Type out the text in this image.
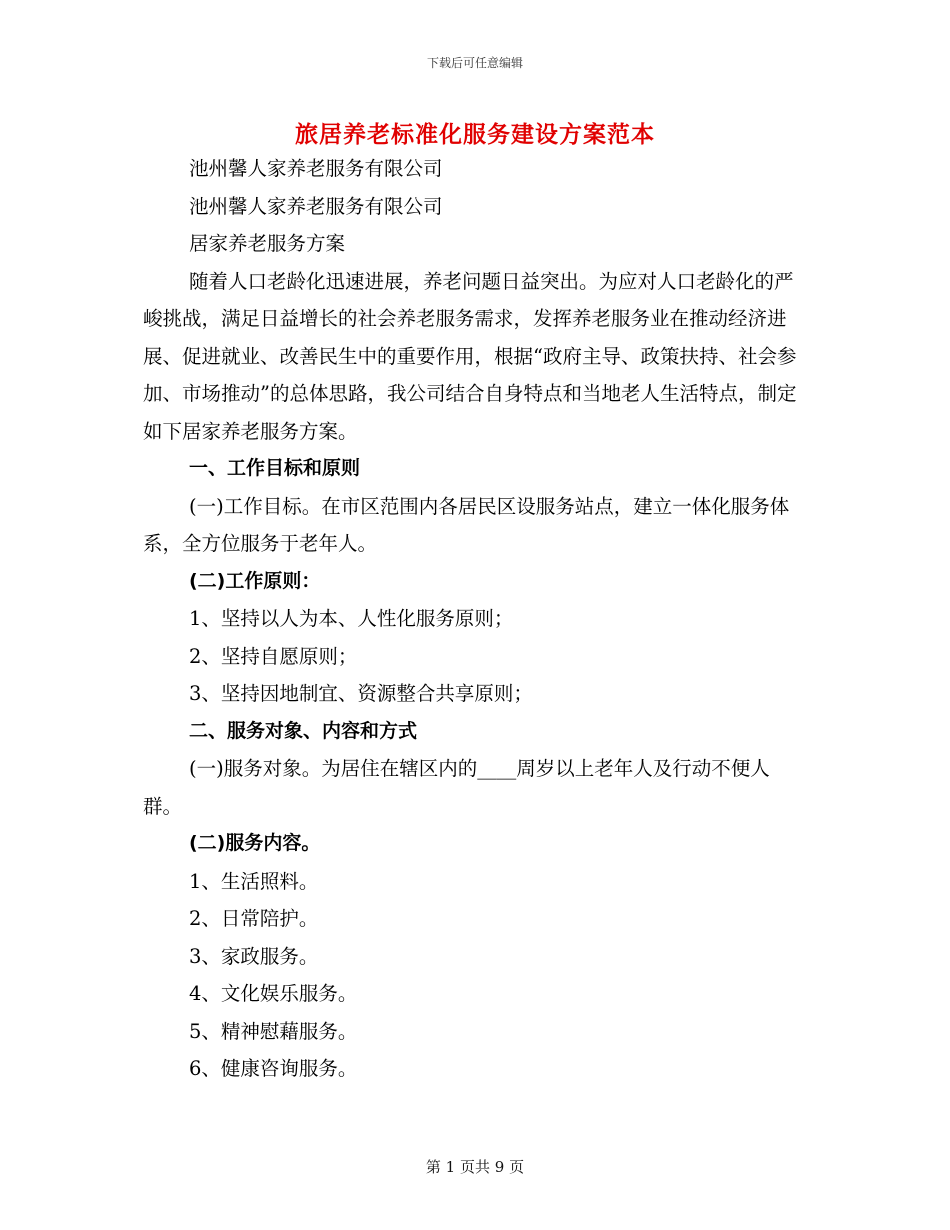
下载后可任意编辑
旅居养老标准化服务建设方案范本

池州馨人家养老服务有限公司

池州馨人家养老服务有限公司

居家养老服务方案

随着人口老龄化迅速进展，养老问题日益突出。为应对人口老龄化的严峻挑战，满足日益增长的社会养老服务需求，发挥养老服务业在推动经济进展、促进就业、改善民生中的重要作用，根据“政府主导、政策扶持、社会参加、市场推动”的总体思路，我公司结合自身特点和当地老人生活特点，制定如下居家养老服务方案。

一、工作目标和原则

(一)工作目标。在市区范围内各居民区设服务站点，建立一体化服务体系，全方位服务于老年人。

(二)工作原则：

1、坚持以人为本、人性化服务原则；

2、坚持自愿原则；

3、坚持因地制宜、资源整合共享原则；

二、服务对象、内容和方式

(一)服务对象。为居住在辖区内的____周岁以上老年人及行动不便人群。

(二)服务内容。

1、生活照料。

2、日常陪护。

3、家政服务。

4、文化娱乐服务。

5、精神慰藉服务。

6、健康咨询服务。

第 1 页共 9 页
